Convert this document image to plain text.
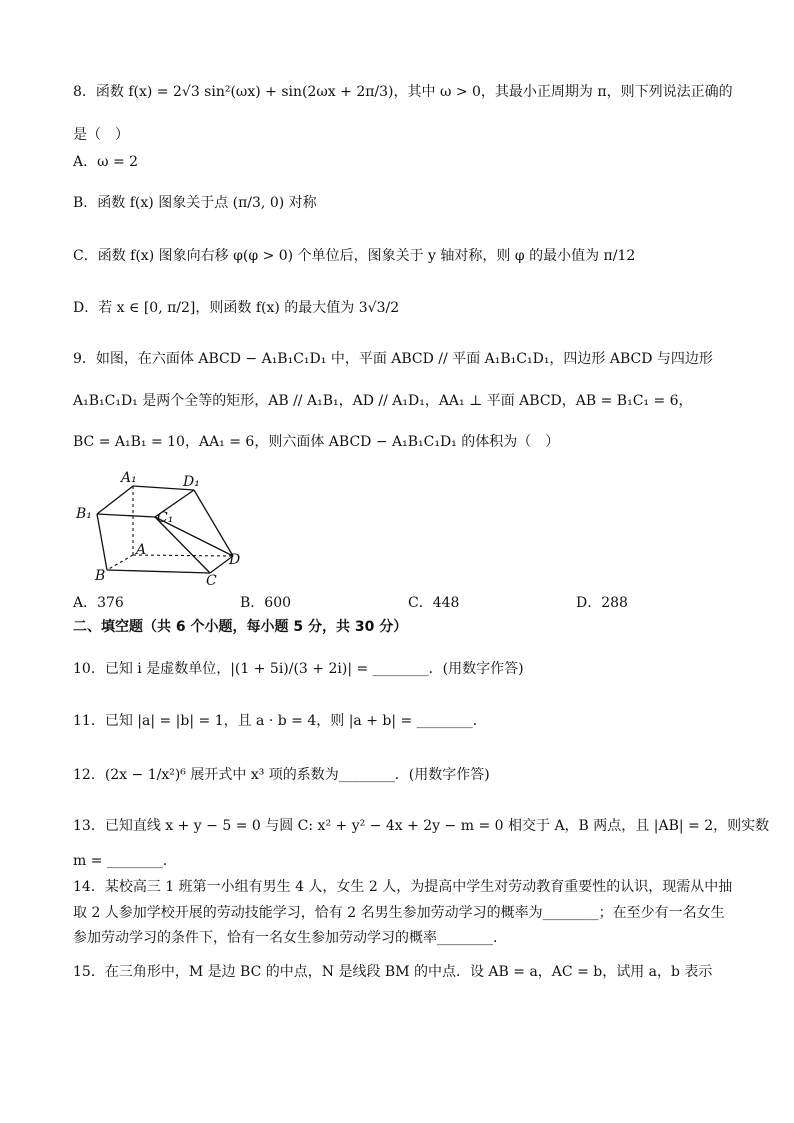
8．函数 f(x) = 2√3 sin²(ωx) + sin(2ωx + 2π/3)，其中 ω > 0，其最小正周期为 π，则下列说法正确的
是（　）
A．ω = 2
B．函数 f(x) 图象关于点 (π/3, 0) 对称
C．函数 f(x) 图象向右移 φ(φ > 0) 个单位后，图象关于 y 轴对称，则 φ 的最小值为 π/12
D．若 x ∈ [0, π/2]，则函数 f(x) 的最大值为 3√3/2
9．如图，在六面体 ABCD − A₁B₁C₁D₁ 中，平面 ABCD // 平面 A₁B₁C₁D₁，四边形 ABCD 与四边形
A₁B₁C₁D₁ 是两个全等的矩形，AB // A₁B₁，AD // A₁D₁，AA₁ ⊥ 平面 ABCD，AB = B₁C₁ = 6，
BC = A₁B₁ = 10，AA₁ = 6，则六面体 ABCD − A₁B₁C₁D₁ 的体积为（　）
A₁	D₁
B₁	C₁
A
B	C
D
A．376	B．600	C．448	D．288
二、填空题（共 6 个小题，每小题 5 分，共 30 分）
10．已知 i 是虚数单位，|(1 + 5i)/(3 + 2i)| = ________．(用数字作答)
11．已知 |a| = |b| = 1，且 a · b = 4，则 |a + b| = ________．
12．(2x − 1/x²)⁶ 展开式中 x³ 项的系数为________．(用数字作答)
13．已知直线 x + y − 5 = 0 与圆 C: x² + y² − 4x + 2y − m = 0 相交于 A，B 两点，且 |AB| = 2，则实数
m = ________．
14．某校高三 1 班第一小组有男生 4 人，女生 2 人，为提高中学生对劳动教育重要性的认识，现需从中抽
取 2 人参加学校开展的劳动技能学习，恰有 2 名男生参加劳动学习的概率为________；在至少有一名女生
参加劳动学习的条件下，恰有一名女生参加劳动学习的概率________．
15．在三角形中，M 是边 BC 的中点，N 是线段 BM 的中点．设 AB = a，AC = b，试用 a，b 表示
